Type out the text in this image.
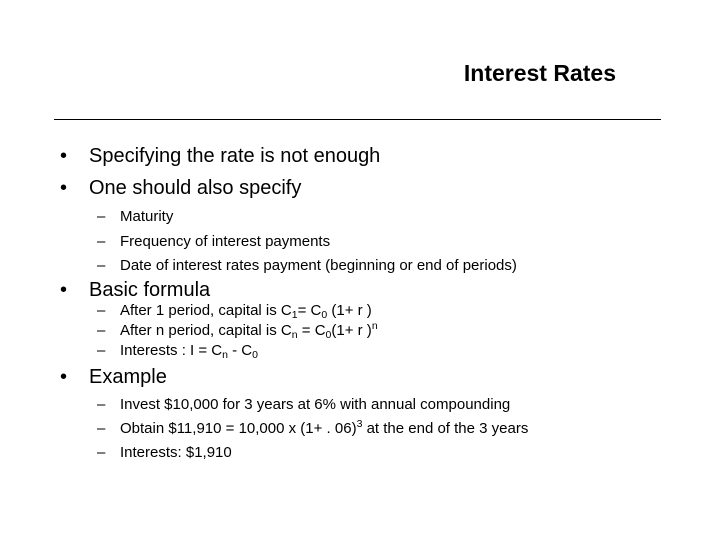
Interest Rates
• Specifying the rate is not enough
• One should also specify
– Maturity
– Frequency of interest payments
– Date of interest rates payment (beginning or end of periods)
• Basic formula
– After 1 period, capital is $C_1= C_0$ (1+ r )
– After n period, capital is $C_n = C_0(1+ r$ )$^n$
– Interests : $I = C_n - C_0$
• Example
– Invest $10,000 for 3 years at 6% with annual compounding
– Obtain $11,910 = 10,000 x (1+ . 06)$^3$ at the end of the 3 years
– Interests: $1,910
